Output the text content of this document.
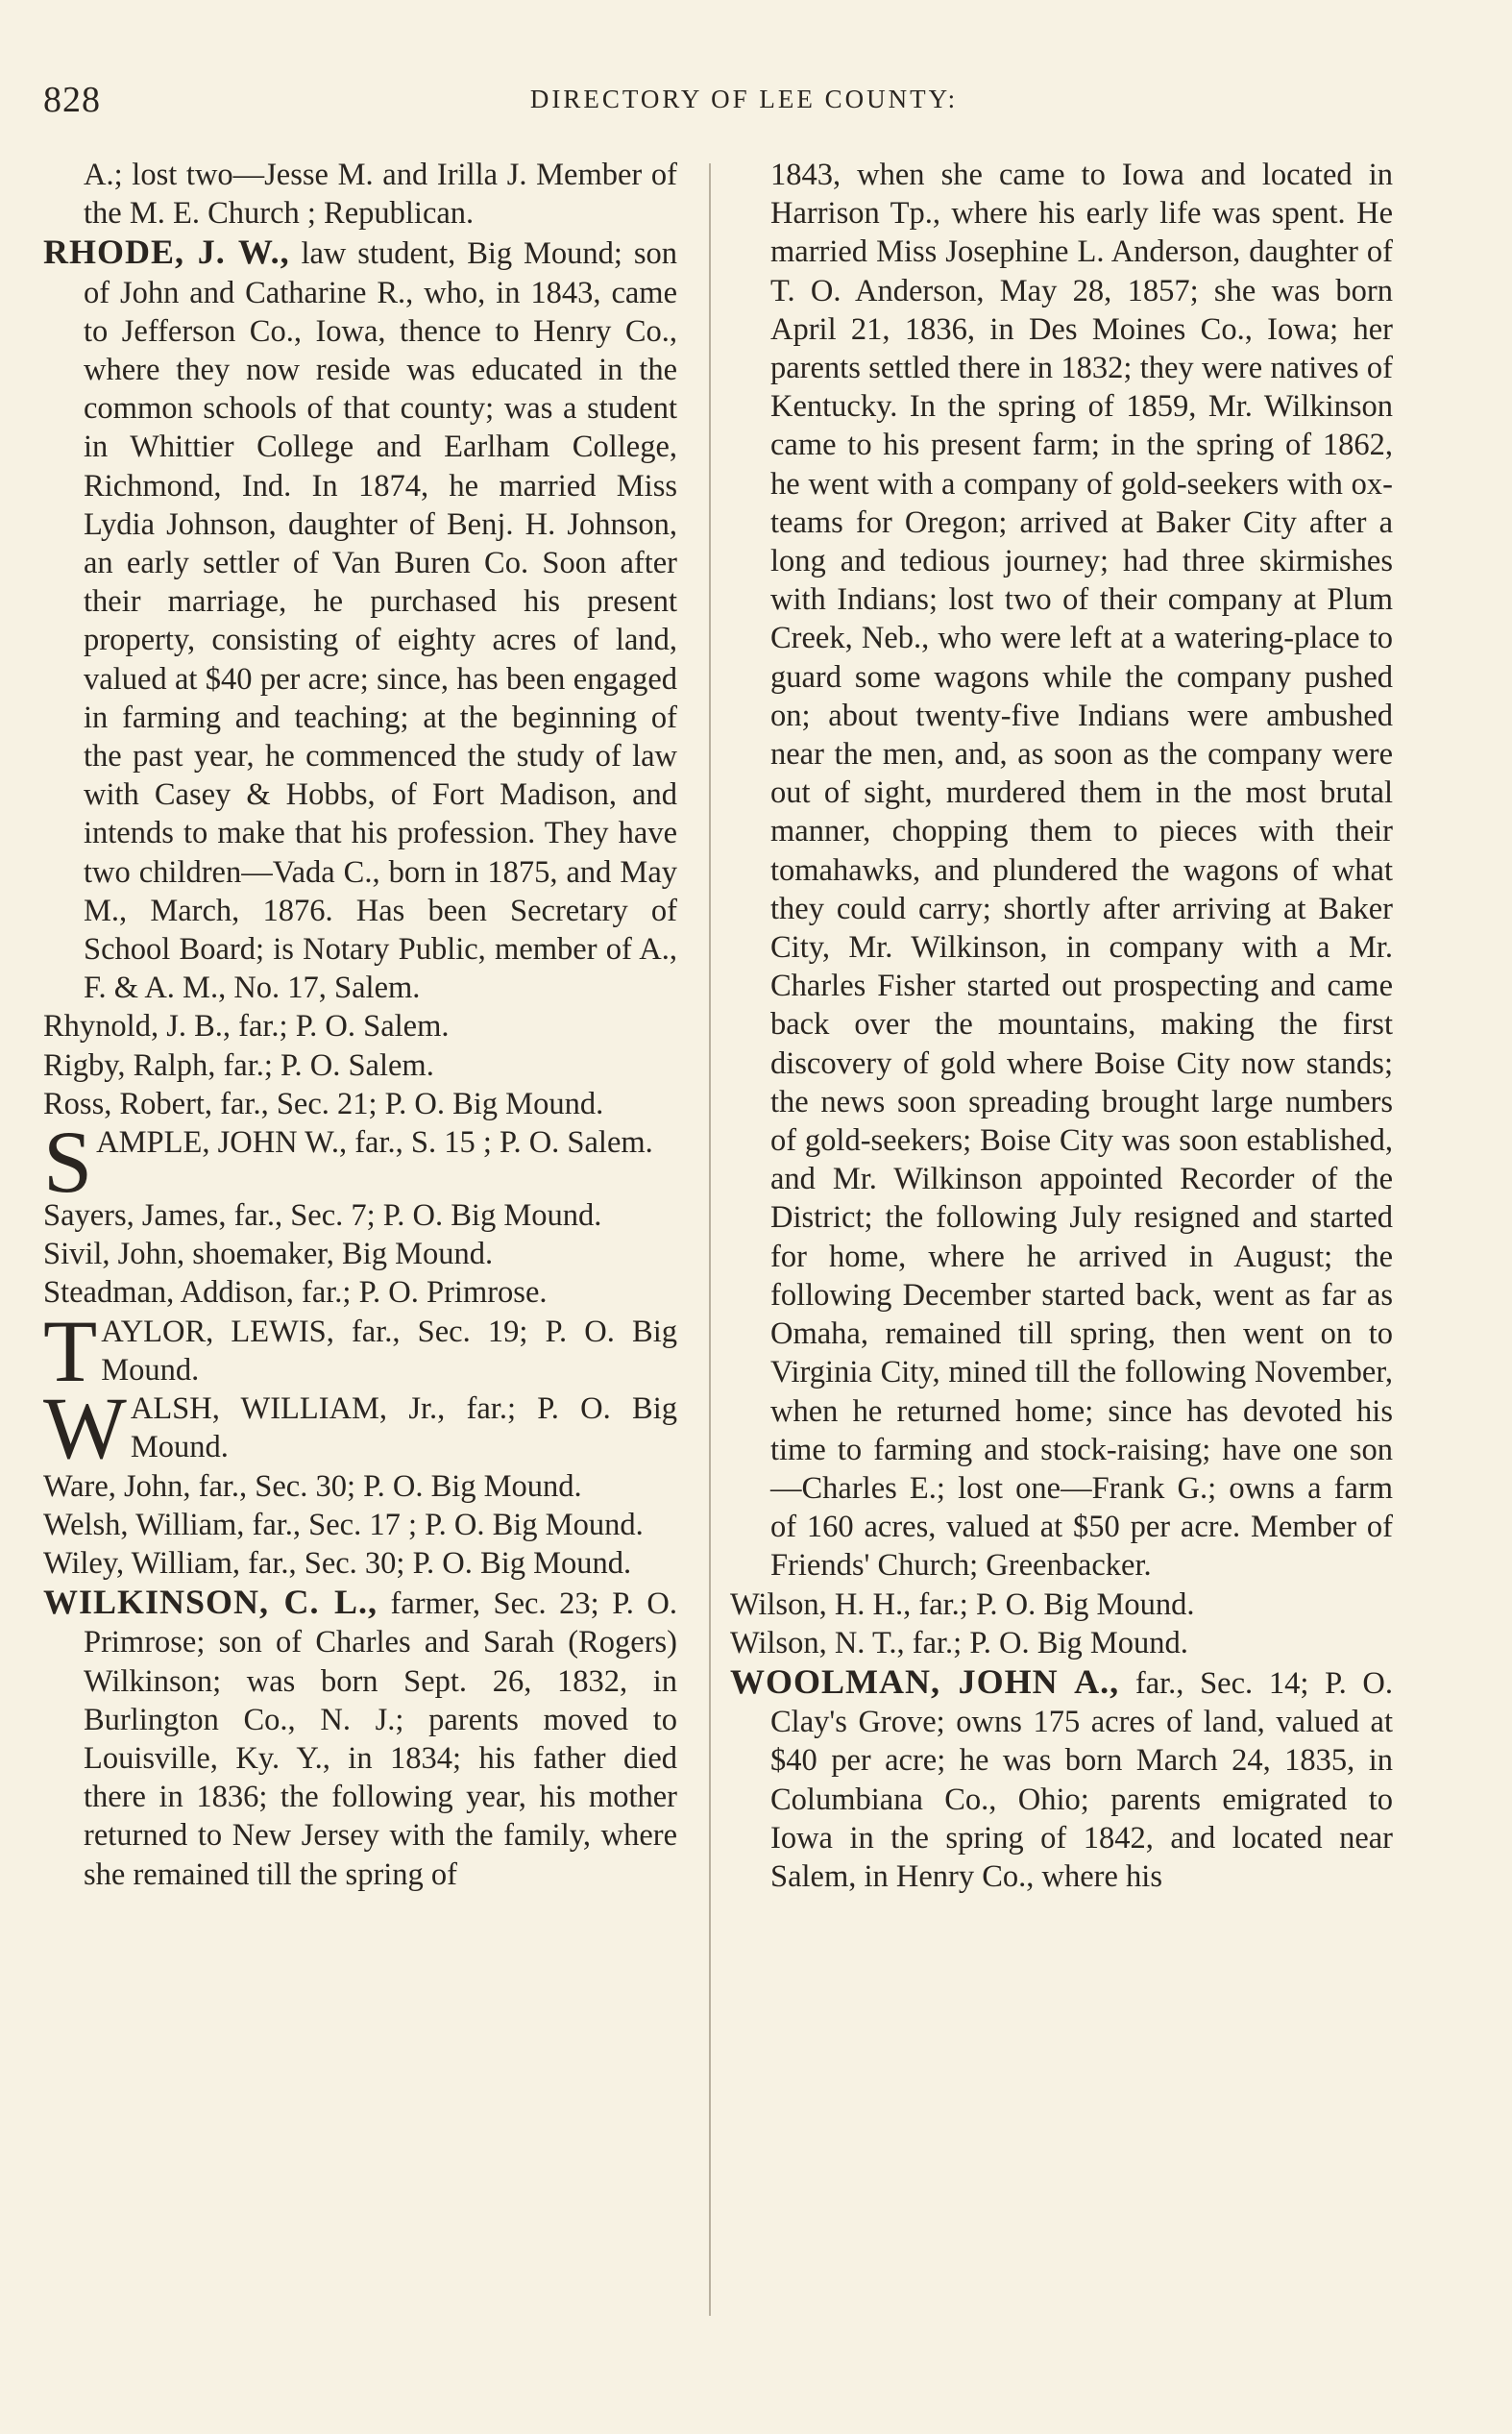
828	DIRECTORY OF LEE COUNTY:

A.; lost two—Jesse M. and Irilla J. Member of the M. E. Church ; Republican.

RHODE, J. W., law student, Big Mound; son of John and Catharine R., who, in 1843, came to Jefferson Co., Iowa, thence to Henry Co., where they now reside was educated in the common schools of that county; was a student in Whittier College and Earlham College, Richmond, Ind. In 1874, he married Miss Lydia Johnson, daughter of Benj. H. Johnson, an early settler of Van Buren Co. Soon after their marriage, he purchased his present property, consisting of eighty acres of land, valued at $40 per acre; since, has been engaged in farming and teaching; at the beginning of the past year, he commenced the study of law with Casey & Hobbs, of Fort Madison, and intends to make that his profession. They have two children—Vada C., born in 1875, and May M., March, 1876. Has been Secretary of School Board; is Notary Public, member of A., F. & A. M., No. 17, Salem.

Rhynold, J. B., far.; P. O. Salem.

Rigby, Ralph, far.; P. O. Salem.

Ross, Robert, far., Sec. 21; P. O. Big Mound.

SAMPLE, JOHN W., far., S. 15 ; P. O. Salem.

Sayers, James, far., Sec. 7; P. O. Big Mound.

Sivil, John, shoemaker, Big Mound.

Steadman, Addison, far.; P. O. Primrose.

TAYLOR, LEWIS, far., Sec. 19; P. O. Big Mound.

WALSH, WILLIAM, Jr., far.; P. O. Big Mound.

Ware, John, far., Sec. 30; P. O. Big Mound.

Welsh, William, far., Sec. 17 ; P. O. Big Mound.

Wiley, William, far., Sec. 30; P. O. Big Mound.

WILKINSON, C. L., farmer, Sec. 23; P. O. Primrose; son of Charles and Sarah (Rogers) Wilkinson; was born Sept. 26, 1832, in Burlington Co., N. J.; parents moved to Louisville, Ky. Y., in 1834; his father died there in 1836; the following year, his mother returned to New Jersey with the family, where she remained till the spring of

1843, when she came to Iowa and located in Harrison Tp., where his early life was spent. He married Miss Josephine L. Anderson, daughter of T. O. Anderson, May 28, 1857; she was born April 21, 1836, in Des Moines Co., Iowa; her parents settled there in 1832; they were natives of Kentucky. In the spring of 1859, Mr. Wilkinson came to his present farm; in the spring of 1862, he went with a company of gold-seekers with ox-teams for Oregon; arrived at Baker City after a long and tedious journey; had three skirmishes with Indians; lost two of their company at Plum Creek, Neb., who were left at a watering-place to guard some wagons while the company pushed on; about twenty-five Indians were ambushed near the men, and, as soon as the company were out of sight, murdered them in the most brutal manner, chopping them to pieces with their tomahawks, and plundered the wagons of what they could carry; shortly after arriving at Baker City, Mr. Wilkinson, in company with a Mr. Charles Fisher started out prospecting and came back over the mountains, making the first discovery of gold where Boise City now stands; the news soon spreading brought large numbers of gold-seekers; Boise City was soon established, and Mr. Wilkinson appointed Recorder of the District; the following July resigned and started for home, where he arrived in August; the following December started back, went as far as Omaha, remained till spring, then went on to Virginia City, mined till the following November, when he returned home; since has devoted his time to farming and stock-raising; have one son—Charles E.; lost one—Frank G.; owns a farm of 160 acres, valued at $50 per acre. Member of Friends' Church; Greenbacker.

Wilson, H. H., far.; P. O. Big Mound.

Wilson, N. T., far.; P. O. Big Mound.

WOOLMAN, JOHN A., far., Sec. 14; P. O. Clay's Grove; owns 175 acres of land, valued at $40 per acre; he was born March 24, 1835, in Columbiana Co., Ohio; parents emigrated to Iowa in the spring of 1842, and located near Salem, in Henry Co., where his
